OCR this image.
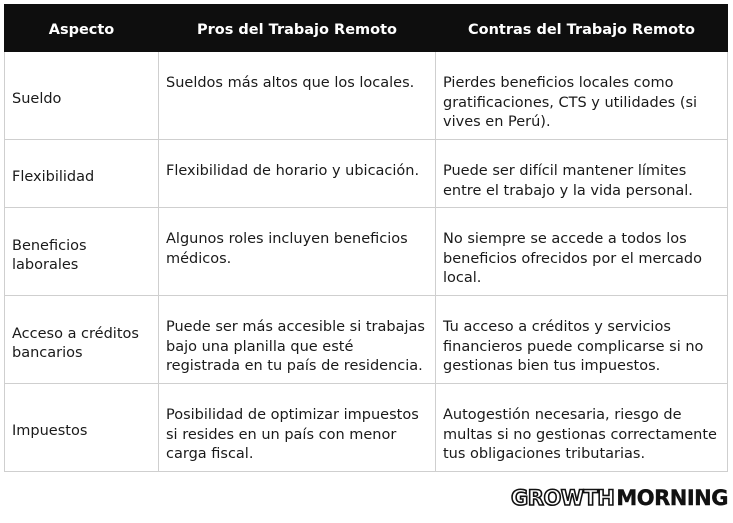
Aspecto	Pros del Trabajo Remoto	Contras del Trabajo Remoto
Sueldo	Sueldos más altos que los locales.	Pierdes beneficios locales como gratificaciones, CTS y utilidades (si vives en Perú).
Flexibilidad	Flexibilidad de horario y ubicación.	Puede ser difícil mantener límites entre el trabajo y la vida personal.
Beneficios laborales	Algunos roles incluyen beneficios médicos.	No siempre se accede a todos los beneficios ofrecidos por el mercado local.
Acceso a créditos bancarios	Puede ser más accesible si trabajas bajo una planilla que esté registrada en tu país de residencia.	Tu acceso a créditos y servicios financieros puede complicarse si no gestionas bien tus impuestos.
Impuestos	Posibilidad de optimizar impuestos si resides en un país con menor carga fiscal.	Autogestión necesaria, riesgo de multas si no gestionas correctamente tus obligaciones tributarias.
GROWTH MORNING
